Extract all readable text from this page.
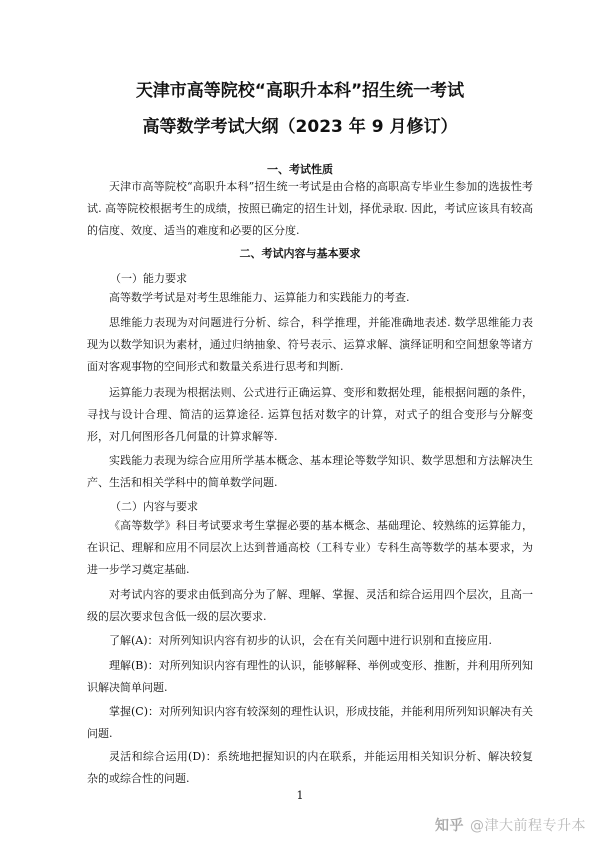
天津市高等院校“高职升本科”招生统一考试
高等数学考试大纲（2023 年 9 月修订）
一、考试性质
天津市高等院校“高职升本科”招生统一考试是由合格的高职高专毕业生参加的选拔性考试. 高等院校根据考生的成绩，按照已确定的招生计划，择优录取. 因此，考试应该具有较高的信度、效度、适当的难度和必要的区分度.
二、考试内容与基本要求
（一）能力要求
高等数学考试是对考生思维能力、运算能力和实践能力的考查.
思维能力表现为对问题进行分析、综合，科学推理，并能准确地表述. 数学思维能力表现为以数学知识为素材，通过归纳抽象、符号表示、运算求解、演绎证明和空间想象等诸方面对客观事物的空间形式和数量关系进行思考和判断.
运算能力表现为根据法则、公式进行正确运算、变形和数据处理，能根据问题的条件，寻找与设计合理、简洁的运算途径. 运算包括对数字的计算，对式子的组合变形与分解变形，对几何图形各几何量的计算求解等.
实践能力表现为综合应用所学基本概念、基本理论等数学知识、数学思想和方法解决生产、生活和相关学科中的简单数学问题.
（二）内容与要求
《高等数学》科目考试要求考生掌握必要的基本概念、基础理论、较熟练的运算能力，在识记、理解和应用不同层次上达到普通高校（工科专业）专科生高等数学的基本要求，为进一步学习奠定基础.
对考试内容的要求由低到高分为了解、理解、掌握、灵活和综合运用四个层次，且高一级的层次要求包含低一级的层次要求.
了解(A)：对所列知识内容有初步的认识，会在有关问题中进行识别和直接应用.
理解(B)：对所列知识内容有理性的认识，能够解释、举例或变形、推断，并利用所列知识解决简单问题.
掌握(C)：对所列知识内容有较深刻的理性认识，形成技能，并能利用所列知识解决有关问题.
灵活和综合运用(D)：系统地把握知识的内在联系，并能运用相关知识分析、解决较复杂的或综合性的问题.
1
知乎 @津大前程专升本
